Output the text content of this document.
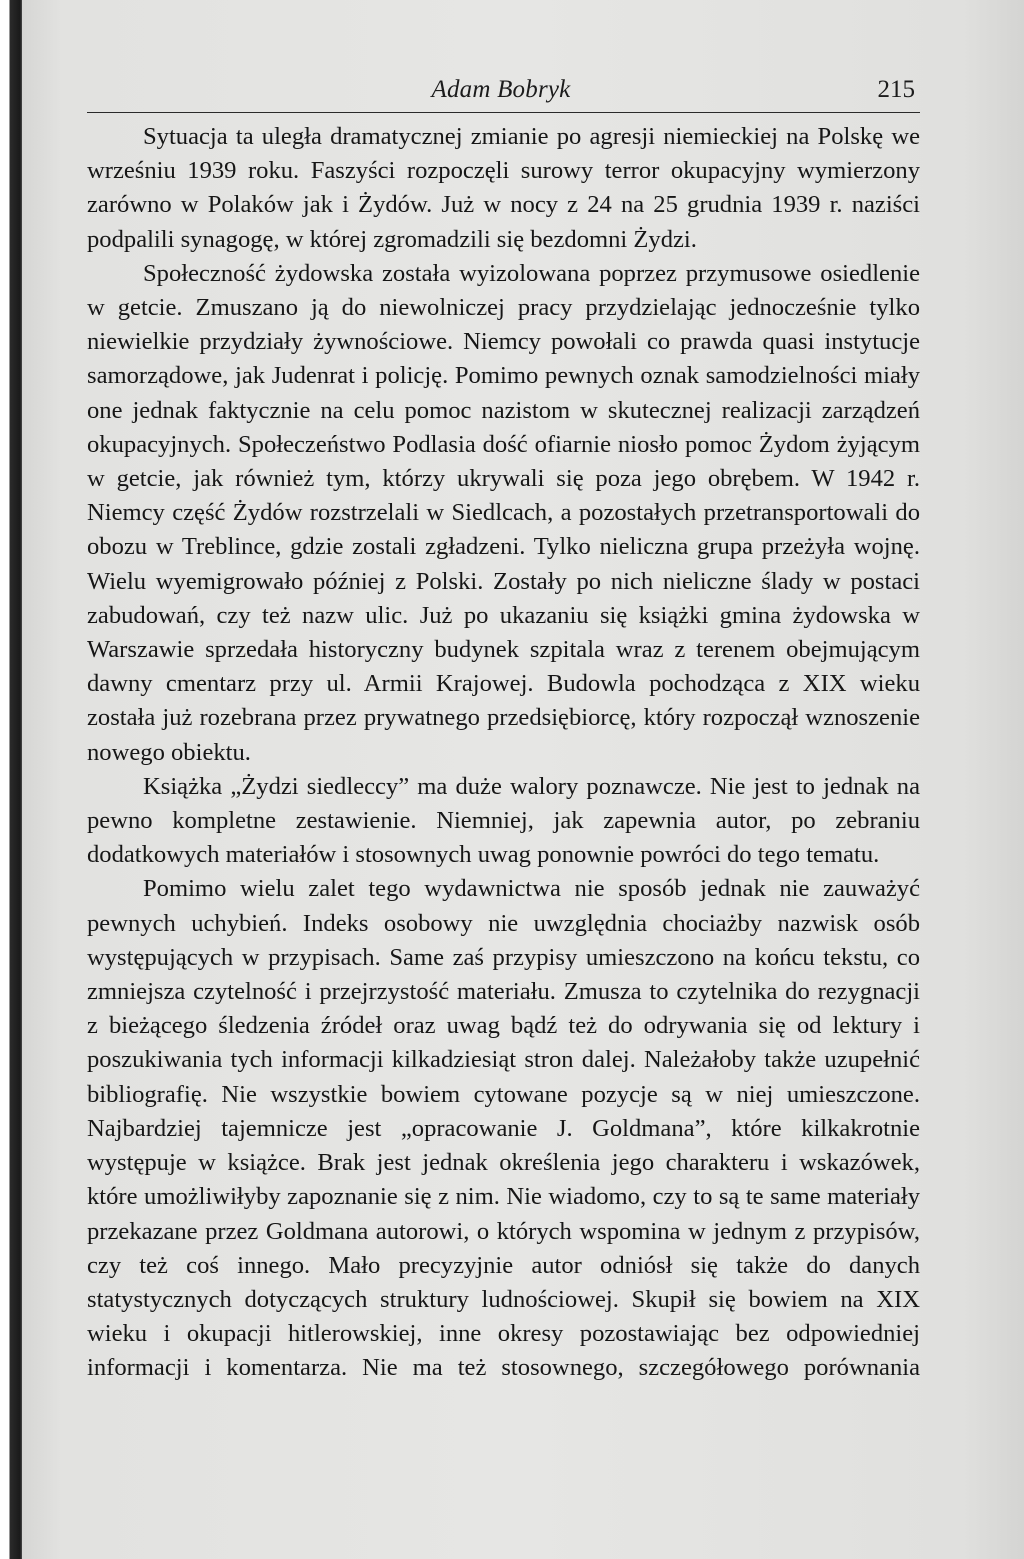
Adam Bobryk	215

Sytuacja ta uległa dramatycznej zmianie po agresji niemieckiej na Polskę we wrześniu 1939 roku. Faszyści rozpoczęli surowy terror okupacyjny wymierzony zarówno w Polaków jak i Żydów. Już w nocy z 24 na 25 grudnia 1939 r. naziści podpalili synagogę, w której zgromadzili się bezdomni Żydzi.

Społeczność żydowska została wyizolowana poprzez przymusowe osiedlenie w getcie. Zmuszano ją do niewolniczej pracy przydzielając jednocześnie tylko niewielkie przydziały żywnościowe. Niemcy powołali co prawda quasi instytucje samorządowe, jak Judenrat i policję. Pomimo pewnych oznak samodzielności miały one jednak faktycznie na celu pomoc nazistom w skutecznej realizacji zarządzeń okupacyjnych. Społeczeństwo Podlasia dość ofiarnie niosło pomoc Żydom żyjącym w getcie, jak również tym, którzy ukrywali się poza jego obrębem. W 1942 r. Niemcy część Żydów rozstrzelali w Siedlcach, a pozostałych przetransportowali do obozu w Treblince, gdzie zostali zgładzeni. Tylko nieliczna grupa przeżyła wojnę. Wielu wyemigrowało później z Polski. Zostały po nich nieliczne ślady w postaci zabudowań, czy też nazw ulic. Już po ukazaniu się książki gmina żydowska w Warszawie sprzedała historyczny budynek szpitala wraz z terenem obejmującym dawny cmentarz przy ul. Armii Krajowej. Budowla pochodząca z XIX wieku została już rozebrana przez prywatnego przedsiębiorcę, który rozpoczął wznoszenie nowego obiektu.

Książka „Żydzi siedleccy” ma duże walory poznawcze. Nie jest to jednak na pewno kompletne zestawienie. Niemniej, jak zapewnia autor, po zebraniu dodatkowych materiałów i stosownych uwag ponownie powróci do tego tematu.

Pomimo wielu zalet tego wydawnictwa nie sposób jednak nie zauważyć pewnych uchybień. Indeks osobowy nie uwzględnia chociażby nazwisk osób występujących w przypisach. Same zaś przypisy umieszczono na końcu tekstu, co zmniejsza czytelność i przejrzystość materiału. Zmusza to czytelnika do rezygnacji z bieżącego śledzenia źródeł oraz uwag bądź też do odrywania się od lektury i poszukiwania tych informacji kilkadziesiąt stron dalej. Należałoby także uzupełnić bibliografię. Nie wszystkie bowiem cytowane pozycje są w niej umieszczone. Najbardziej tajemnicze jest „opracowanie J. Goldmana”, które kilkakrotnie występuje w książce. Brak jest jednak określenia jego charakteru i wskazówek, które umożliwiłyby zapoznanie się z nim. Nie wiadomo, czy to są te same materiały przekazane przez Goldmana autorowi, o których wspomina w jednym z przypisów, czy też coś innego. Mało precyzyjnie autor odniósł się także do danych statystycznych dotyczących struktury ludnościowej. Skupił się bowiem na XIX wieku i okupacji hitlerowskiej, inne okresy pozostawiając bez odpowiedniej informacji i komentarza. Nie ma też stosownego, szczegółowego porównania
